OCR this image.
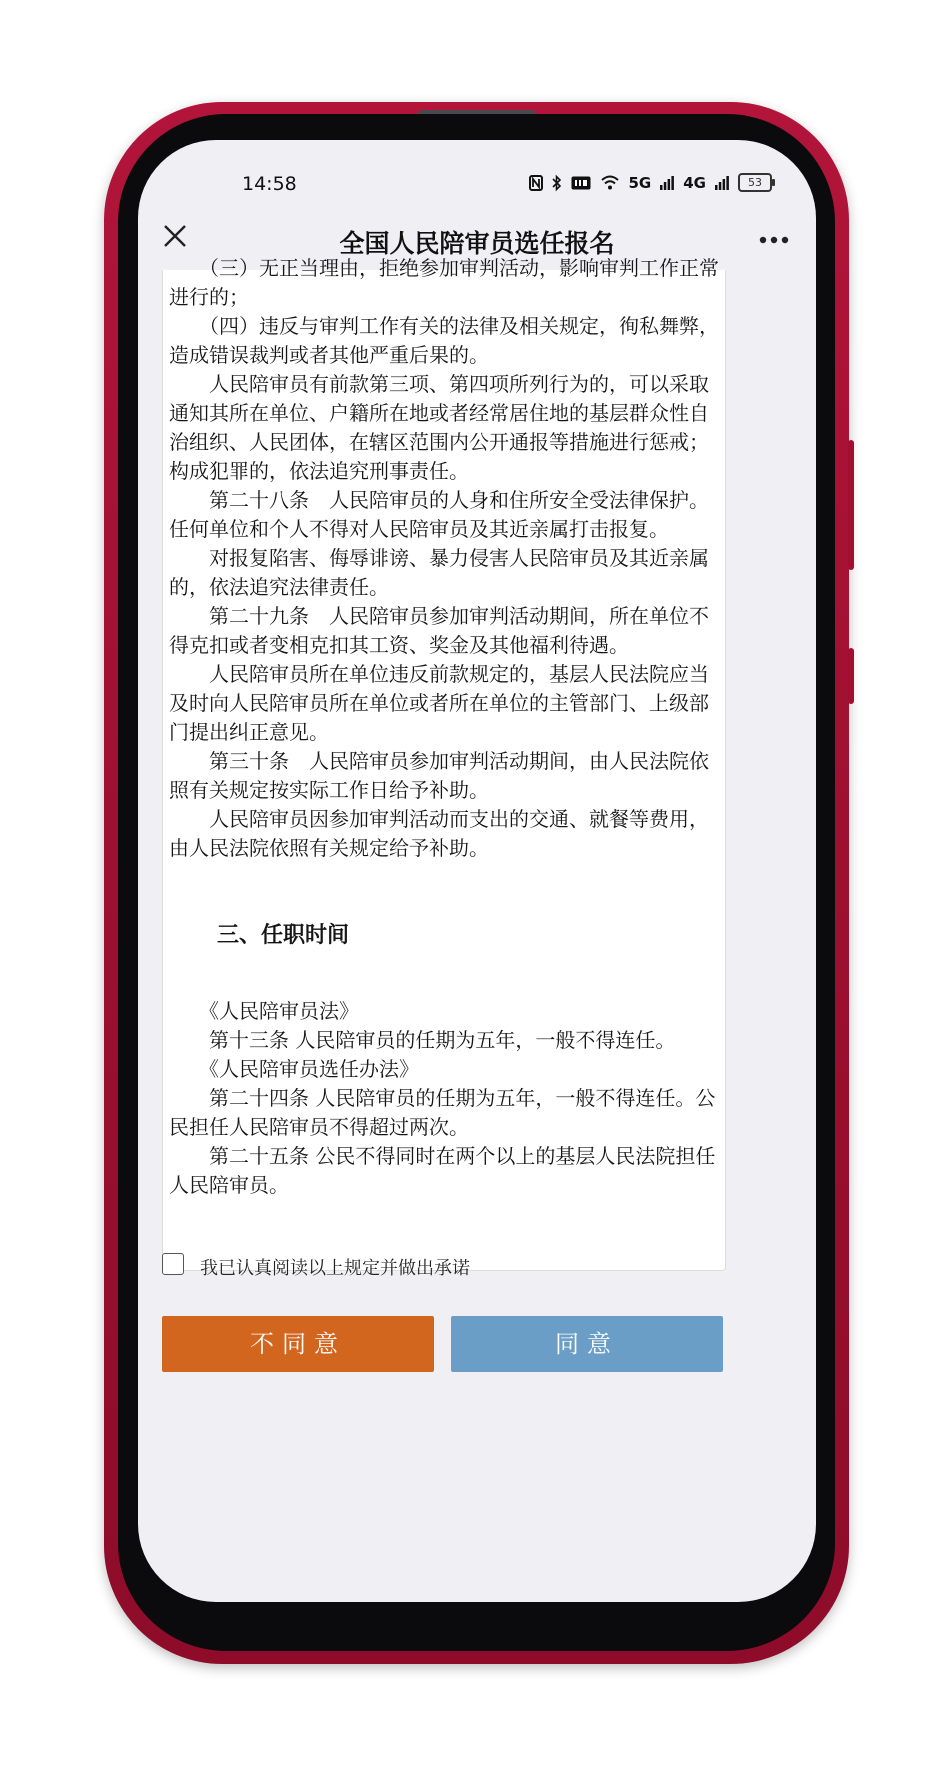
14:58	5G 4G	53
全国人民陪审员选任报名

　　（三）无正当理由，拒绝参加审判活动，影响审判工作正常进行的；

　　（四）违反与审判工作有关的法律及相关规定，徇私舞弊，造成错误裁判或者其他严重后果的。

　　人民陪审员有前款第三项、第四项所列行为的，可以采取通知其所在单位、户籍所在地或者经常居住地的基层群众性自治组织、人民团体，在辖区范围内公开通报等措施进行惩戒；构成犯罪的，依法追究刑事责任。

　　第二十八条　人民陪审员的人身和住所安全受法律保护。任何单位和个人不得对人民陪审员及其近亲属打击报复。

　　对报复陷害、侮辱诽谤、暴力侵害人民陪审员及其近亲属的，依法追究法律责任。

　　第二十九条　人民陪审员参加审判活动期间，所在单位不得克扣或者变相克扣其工资、奖金及其他福利待遇。

　　人民陪审员所在单位违反前款规定的，基层人民法院应当及时向人民陪审员所在单位或者所在单位的主管部门、上级部门提出纠正意见。

　　第三十条　人民陪审员参加审判活动期间，由人民法院依照有关规定按实际工作日给予补助。

　　人民陪审员因参加审判活动而支出的交通、就餐等费用，由人民法院依照有关规定给予补助。

三、任职时间

　　《人民陪审员法》

　　第十三条 人民陪审员的任期为五年，一般不得连任。

　　《人民陪审员选任办法》

　　第二十四条 人民陪审员的任期为五年，一般不得连任。公民担任人民陪审员不得超过两次。

　　第二十五条 公民不得同时在两个以上的基层人民法院担任人民陪审员。

我已认真阅读以上规定并做出承诺
不同意	同意
